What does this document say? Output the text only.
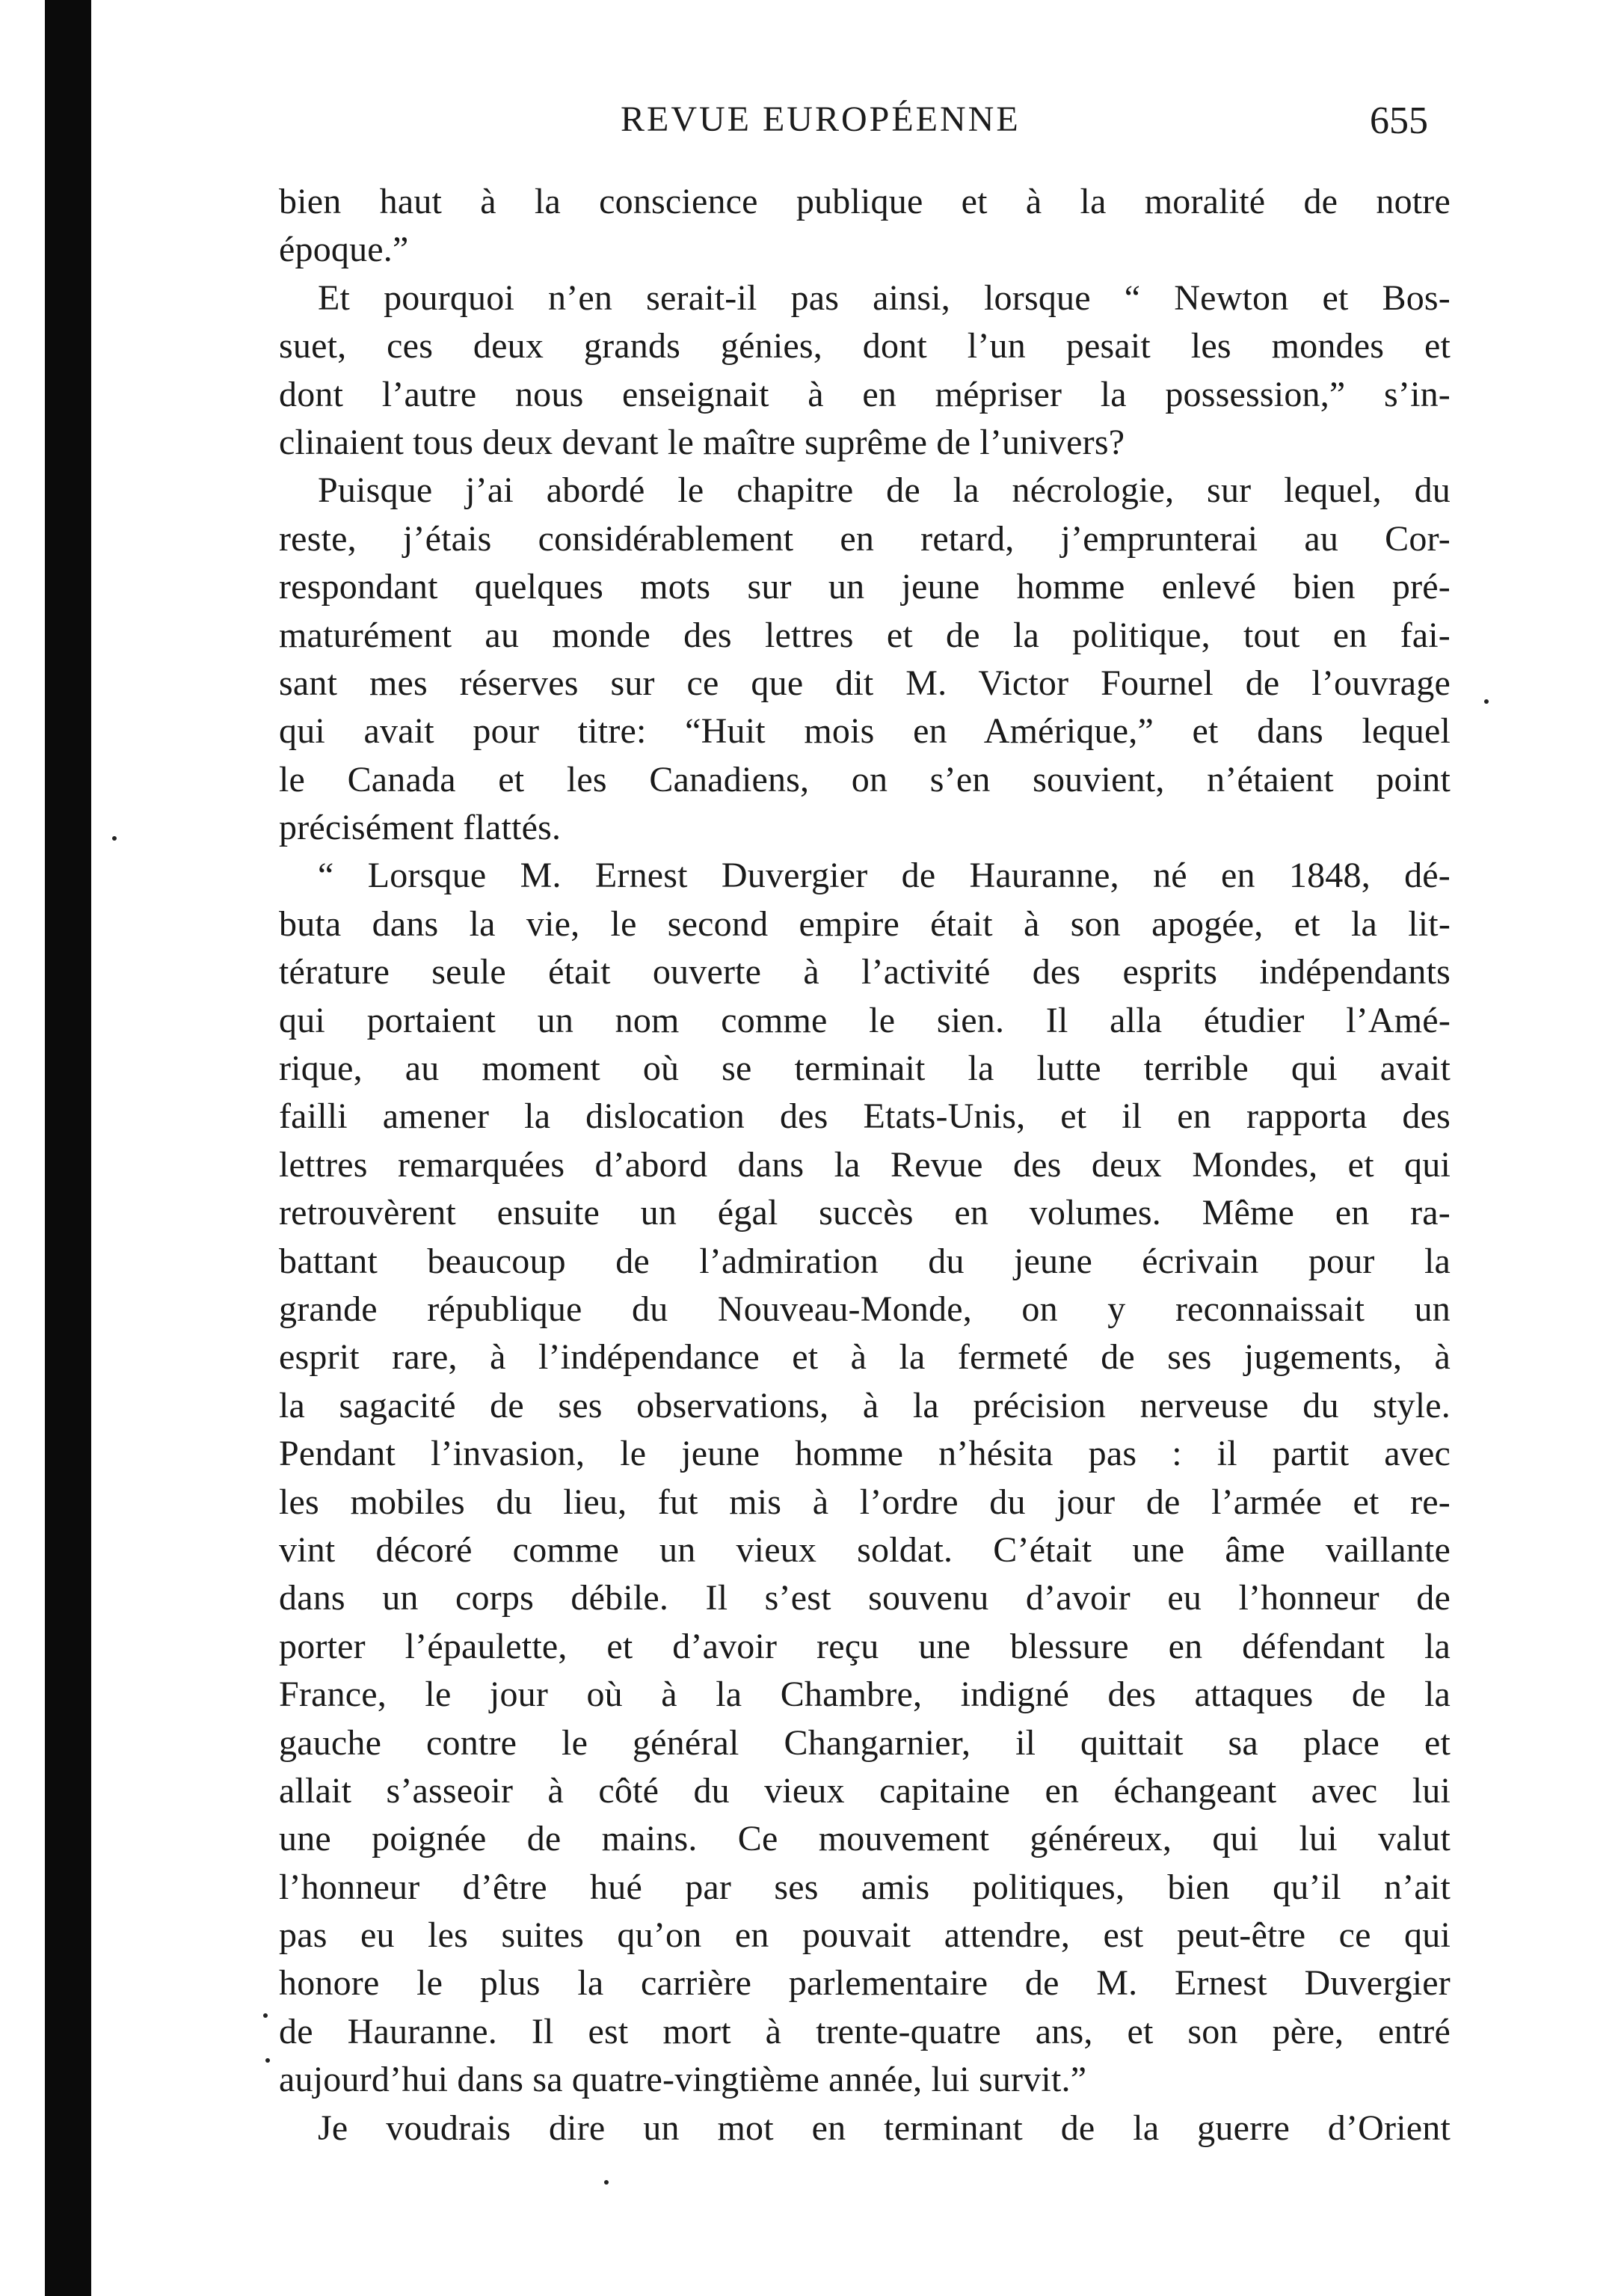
REVUE EUROPÉENNE	655
bien haut à la conscience publique et à la moralité de notre
époque.”
Et pourquoi n’en serait-il pas ainsi, lorsque “ Newton et Bos-
suet, ces deux grands génies, dont l’un pesait les mondes et
dont l’autre nous enseignait à en mépriser la possession,” s’in-
clinaient tous deux devant le maître suprême de l’univers?
Puisque j’ai abordé le chapitre de la nécrologie, sur lequel, du
reste, j’étais considérablement en retard, j’emprunterai au Cor-
respondant quelques mots sur un jeune homme enlevé bien pré-
maturément au monde des lettres et de la politique, tout en fai-
sant mes réserves sur ce que dit M. Victor Fournel de l’ouvrage
qui avait pour titre: “Huit mois en Amérique,” et dans lequel
le Canada et les Canadiens, on s’en souvient, n’étaient point
précisément flattés.
“ Lorsque M. Ernest Duvergier de Hauranne, né en 1848, dé-
buta dans la vie, le second empire était à son apogée, et la lit-
térature seule était ouverte à l’activité des esprits indépendants
qui portaient un nom comme le sien. Il alla étudier l’Amé-
rique, au moment où se terminait la lutte terrible qui avait
failli amener la dislocation des Etats-Unis, et il en rapporta des
lettres remarquées d’abord dans la Revue des deux Mondes, et qui
retrouvèrent ensuite un égal succès en volumes. Même en ra-
battant beaucoup de l’admiration du jeune écrivain pour la
grande république du Nouveau-Monde, on y reconnaissait un
esprit rare, à l’indépendance et à la fermeté de ses jugements, à
la sagacité de ses observations, à la précision nerveuse du style.
Pendant l’invasion, le jeune homme n’hésita pas : il partit avec
les mobiles du lieu, fut mis à l’ordre du jour de l’armée et re-
vint décoré comme un vieux soldat. C’était une âme vaillante
dans un corps débile. Il s’est souvenu d’avoir eu l’honneur de
porter l’épaulette, et d’avoir reçu une blessure en défendant la
France, le jour où à la Chambre, indigné des attaques de la
gauche contre le général Changarnier, il quittait sa place et
allait s’asseoir à côté du vieux capitaine en échangeant avec lui
une poignée de mains. Ce mouvement généreux, qui lui valut
l’honneur d’être hué par ses amis politiques, bien qu’il n’ait
pas eu les suites qu’on en pouvait attendre, est peut-être ce qui
honore le plus la carrière parlementaire de M. Ernest Duvergier
de Hauranne. Il est mort à trente-quatre ans, et son père, entré
aujourd’hui dans sa quatre-vingtième année, lui survit.”
Je voudrais dire un mot en terminant de la guerre d’Orient
